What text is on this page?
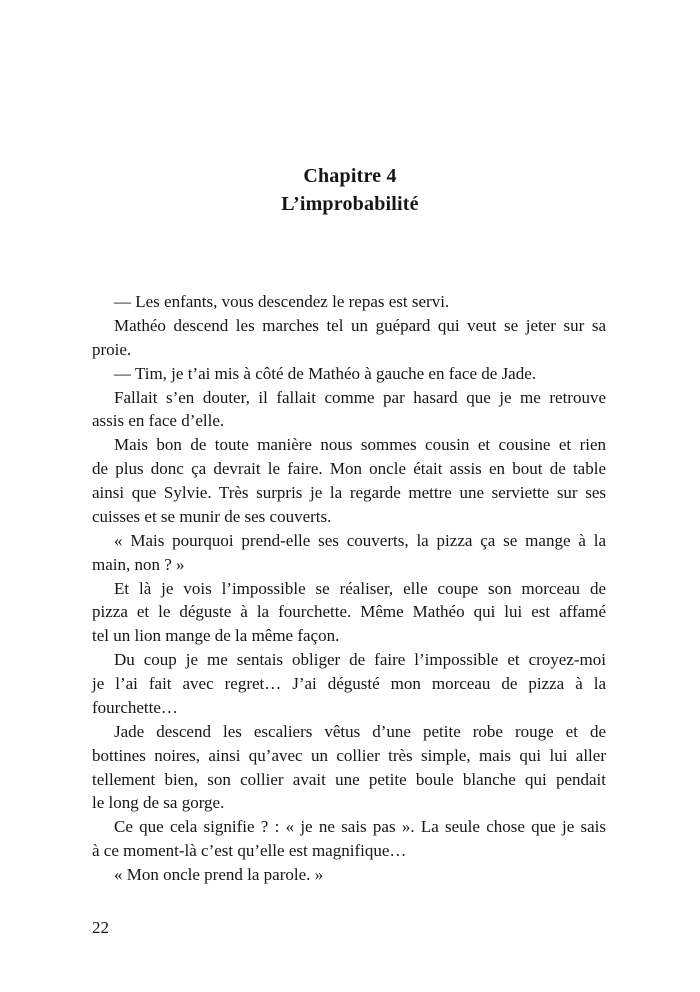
Chapitre 4
L’improbabilité
— Les enfants, vous descendez le repas est servi.
Mathéo descend les marches tel un guépard qui veut se jeter sur sa
proie.
— Tim, je t’ai mis à côté de Mathéo à gauche en face de Jade.
Fallait s’en douter, il fallait comme par hasard que je me retrouve
assis en face d’elle.
Mais bon de toute manière nous sommes cousin et cousine et rien
de plus donc ça devrait le faire. Mon oncle était assis en bout de table
ainsi que Sylvie. Très surpris je la regarde mettre une serviette sur ses
cuisses et se munir de ses couverts.
« Mais pourquoi prend-elle ses couverts, la pizza ça se mange à la
main, non ? »
Et là je vois l’impossible se réaliser, elle coupe son morceau de
pizza et le déguste à la fourchette. Même Mathéo qui lui est affamé
tel un lion mange de la même façon.
Du coup je me sentais obliger de faire l’impossible et croyez-moi
je l’ai fait avec regret… J’ai dégusté mon morceau de pizza à la
fourchette…
Jade descend les escaliers vêtus d’une petite robe rouge et de
bottines noires, ainsi qu’avec un collier très simple, mais qui lui aller
tellement bien, son collier avait une petite boule blanche qui pendait
le long de sa gorge.
Ce que cela signifie ? : « je ne sais pas ». La seule chose que je sais
à ce moment-là c’est qu’elle est magnifique…
« Mon oncle prend la parole. »
22
